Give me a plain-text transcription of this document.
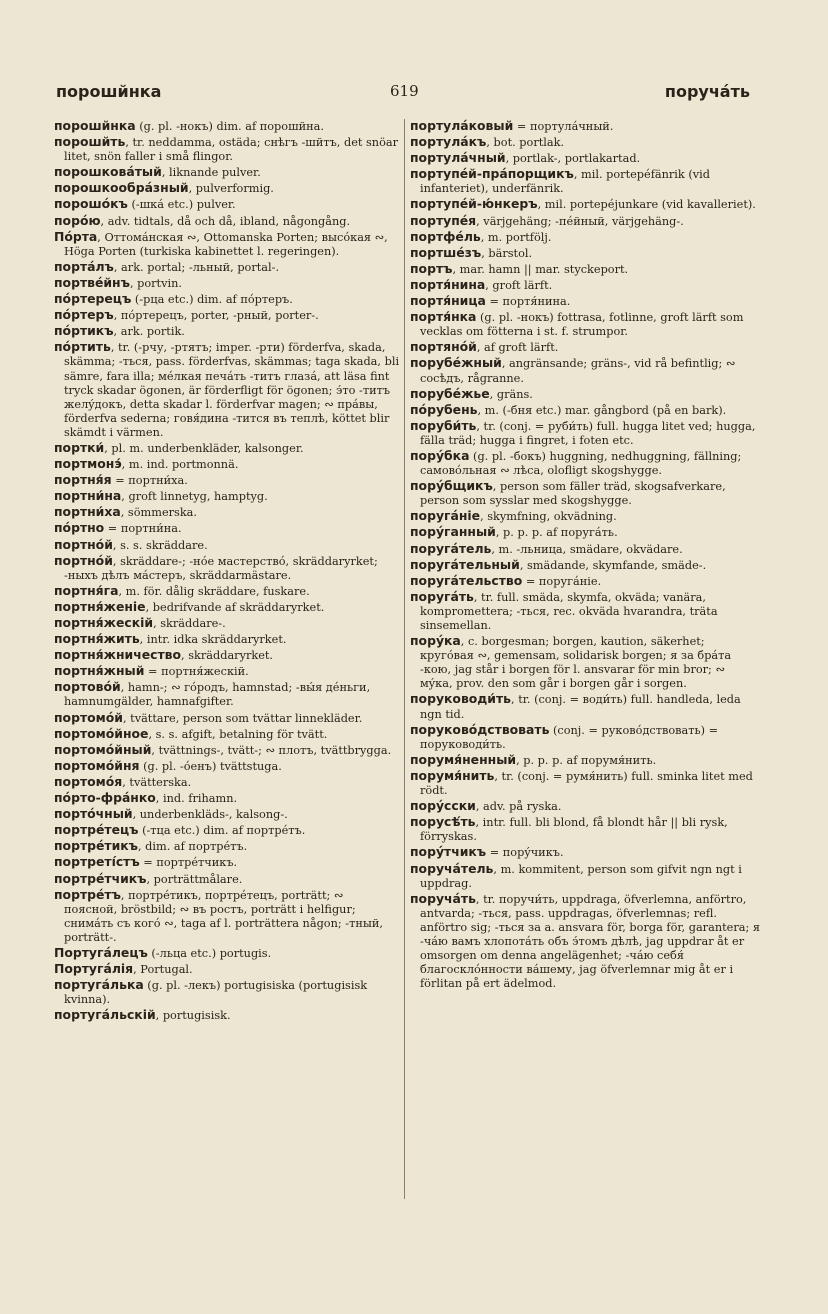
порошйнка	619	поручáть
порошйнка (g. pl. -нокъ) dim. af порошйна.
порошйть, tr. neddamma, ostäda; снѣгъ -шйтъ, det snöar litet, snön faller i små flingor.
порошковáтый, liknande pulver.
порошкообрáзный, pulverformig.
порошóкъ (-шкá etc.) pulver.
порóю, adv. tidtals, då och då, ibland, någongång.
Пóрта, Оттомáнская ∾, Ottomanska Porten; высóкая ∾, Höga Porten (turkiska kabinettet l. regeringen).
портáлъ, ark. portal; -льный, portal-.
портвéйнъ, portvin.
пóртерецъ (-рца etc.) dim. af пóртеръ.
пóртеръ, пóртерецъ, porter, -рный, porter-.
пóртикъ, ark. portik.
пóртить, tr. (-рчу, -ртятъ; imper. -рти) förderfva, skada, skämma; -ться, pass. förderfvas, skämmas; taga skada, bli sämre, fara illa; мéлкая печáть -титъ глазá, att läsa fint tryck skadar ögonen, är förderfligt för ögonen; э́то -титъ желýдокъ, detta skadar l. förderfvar magen; ∾ прáвы, förderfva sederna; говя́дина -тится въ теплѣ, köttet blir skämdt i värmen.
портки́, pl. m. underbenkläder, kalsonger.
портмонэ́, m. ind. portmonnä.
портня́я = портни́ха.
портни́на, groft linnetyg, hamptyg.
портни́ха, sömmerska.
пóртно = портни́на.
портнóй, s. s. skräddare.
портнóй, skräddare-; -нóе мастерствó, skräddaryrket; -ныхъ дѣлъ мáстеръ, skräddarmästare.
портня́га, m. för. dålig skräddare, fuskare.
портня́женіе, bedrifvande af skräddaryrket.
портня́жескій, skräddare-.
портня́жить, intr. idka skräddaryrket.
портня́жничество, skräddaryrket.
портня́жный = портня́жескій.
портовóй, hamn-; ∾ гóродъ, hamnstad; -вы́я дéньги, hamnumgälder, hamnafgifter.
портомóй, tvättare, person som tvättar linnekläder.
портомóйное, s. s. afgift, betalning för tvätt.
портомóйный, tvättnings-, tvätt-; ∾ плотъ, tvättbrygga.
портомóйня (g. pl. -óенъ) tvättstuga.
портомóя, tvätterska.
пóрто-фрáнко, ind. frihamn.
портóчный, underbenkläds-, kalsong-.
портрéтецъ (-тца etc.) dim. af портрéтъ.
портрéтикъ, dim. af портрéтъ.
портретíстъ = портрéтчикъ.
портрéтчикъ, porträttmålare.
портрéтъ, портрéтикъ, портрéтецъ, porträtt; ∾ поясной, bröstbild; ∾ въ ростъ, porträtt i helfigur; снимáть съ когó ∾, taga af l. porträttera någon; -тный, porträtt-.
Португáлецъ (-льца etc.) portugis.
Португáлія, Portugal.
португáлька (g. pl. -лекъ) portugisiska (portugisisk kvinna).
португáльскій, portugisisk.
портулáковый = портулáчный.
портулáкъ, bot. portlak.
портулáчный, portlak-, portlakartad.
портупéй-прáпорщикъ, mil. portepéfänrik (vid infanteriet), underfänrik.
портупéй-ю́нкеръ, mil. portepéjunkare (vid kavalleriet).
портупéя, värjgehäng; -пéйный, värjgehäng-.
портфéль, m. portfölj.
портшéзъ, bärstol.
портъ, mar. hamn || mar. styckeport.
портя́нина, groft lärft.
портя́ница = портя́нина.
портя́нка (g. pl. -нокъ) fottrasa, fotlinne, groft lärft som vecklas om fötterna i st. f. strumpor.
портянóй, af groft lärft.
порубéжный, angränsande; gräns-, vid rå befintlig; ∾ сосѣдъ, rågranne.
порубéжье, gräns.
пóрубень, m. (-бня etc.) mar. gångbord (på en bark).
поруби́ть, tr. (conj. = руби́ть) full. hugga litet ved; hugga, fälla träd; hugga i fingret, i foten etc.
порýбка (g. pl. -бокъ) huggning, nedhuggning, fällning; самовóльная ∾ лѣса, olofligt skogshygge.
порýбщикъ, person som fäller träd, skogsafverkare, person som sysslar med skogshygge.
поругáніе, skymfning, okvädning.
порýганный, p. p. p. af поругáть.
поругáтель, m. -льница, smädare, okvädare.
поругáтельный, smädande, skymfande, smäde-.
поругáтельство = поругáніе.
поругáть, tr. full. smäda, skymfa, okväda; vanära, kompromettera; -ться, rec. okväda hvarandra, träta sinsemellan.
порýка, c. borgesman; borgen, kaution, säkerhet; кругóвая ∾, gemensam, solidarisk borgen; я за брáта -кою, jag står i borgen för l. ansvarar för min bror; ∾ мýка, prov. den som går i borgen går i sorgen.
поруководи́ть, tr. (conj. = води́ть) full. handleda, leda ngn tid.
поруковóдствовать (conj. = руковóдствовать) = поруководи́ть.
порумя́ненный, p. p. p. af порумя́нить.
порумя́нить, tr. (conj. = румя́нить) full. sminka litet med rödt.
порýсски, adv. på ryska.
порусѣ́ть, intr. full. bli blond, få blondt hår || bli rysk, förryskas.
порýтчикъ = порýчикъ.
поручáтель, m. kommitent, person som gifvit ngn ngt i uppdrag.
поручáть, tr. поручи́ть, uppdraga, öfverlemna, anförtro, antvarda; -ться, pass. uppdragas, öfverlemnas; refl. anförtro sig; -ться за a. ansvara för, borga för, garantera; я -чáю вамъ хлопотáть объ э́томъ дѣлѣ, jag uppdrar åt er omsorgen om denna angelägenhet; -чáю себя́ благосклóнности вáшему, jag öfverlemnar mig åt er i förlitan på ert ädelmod.
